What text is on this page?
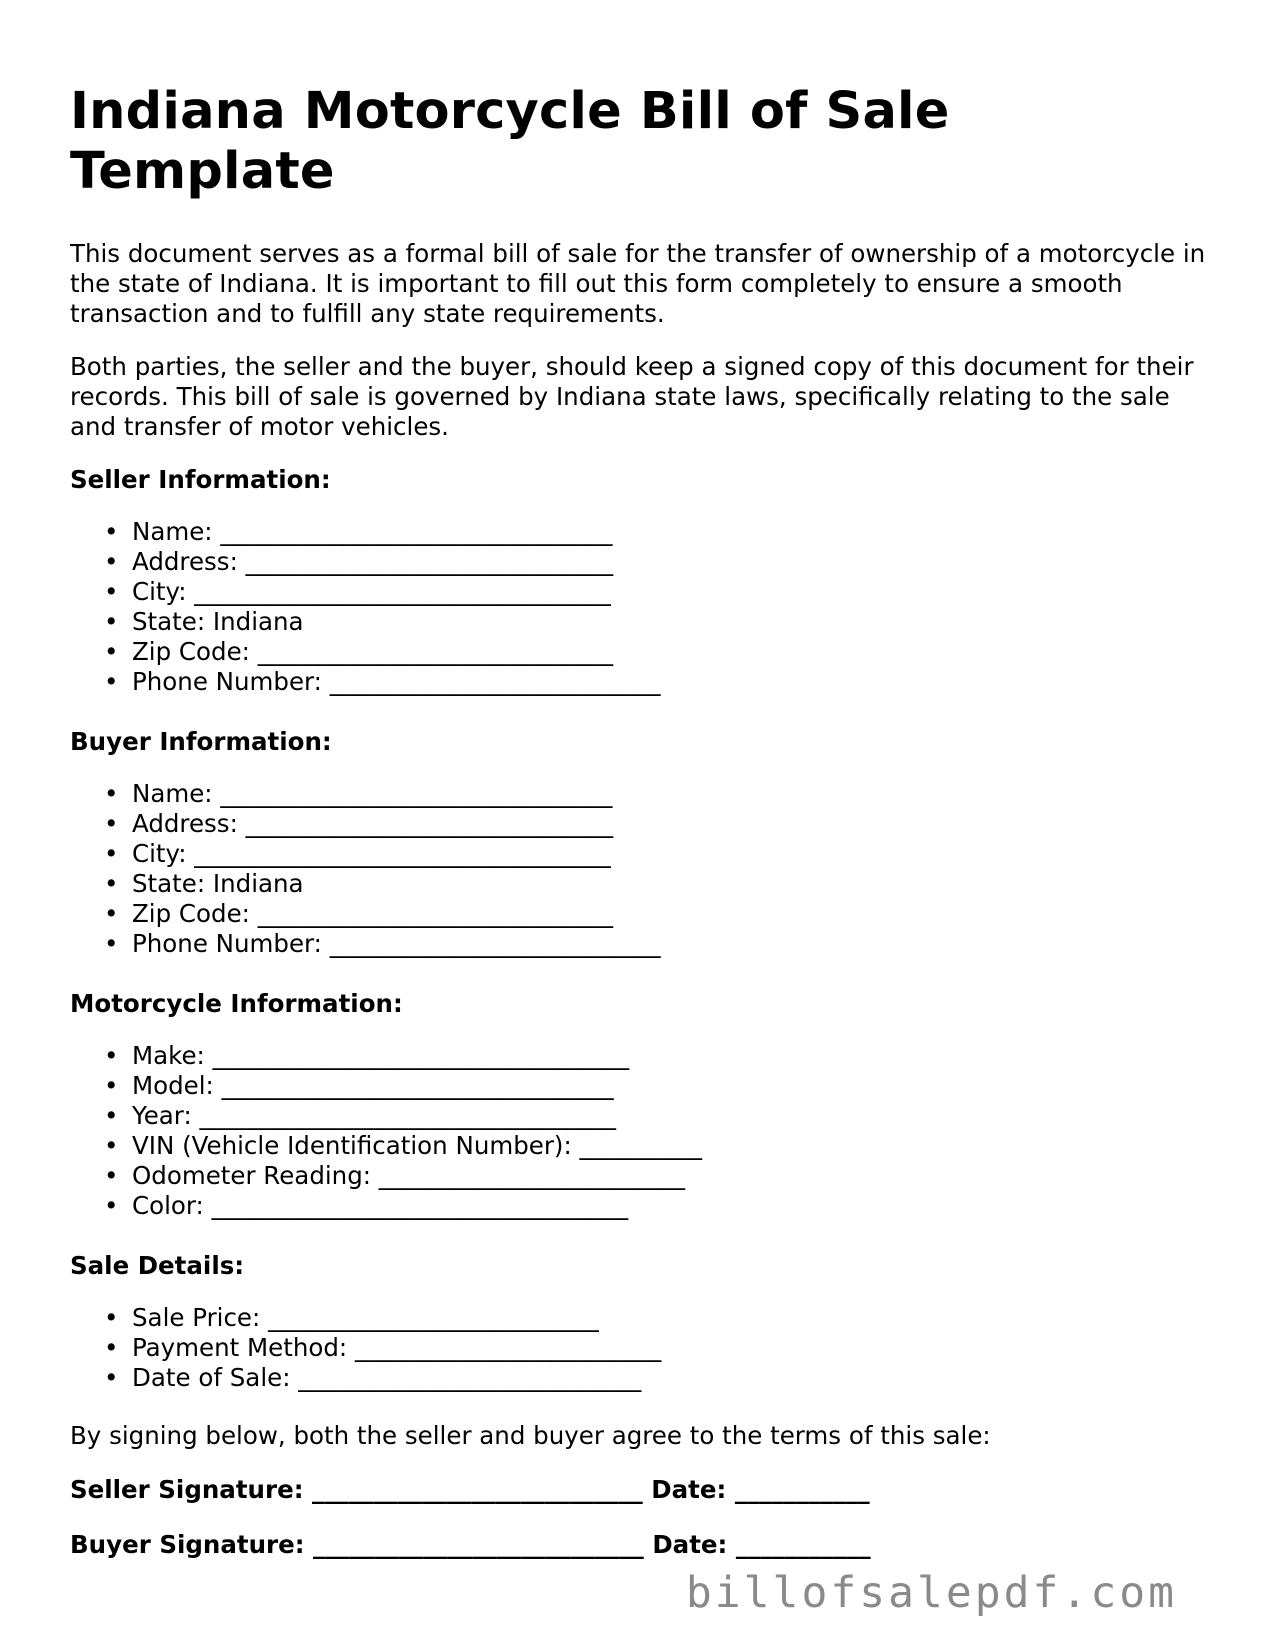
Indiana Motorcycle Bill of Sale Template

This document serves as a formal bill of sale for the transfer of ownership of a motorcycle in the state of Indiana. It is important to fill out this form completely to ensure a smooth transaction and to fulfill any state requirements.

Both parties, the seller and the buyer, should keep a signed copy of this document for their records. This bill of sale is governed by Indiana state laws, specifically relating to the sale and transfer of motor vehicles.

Seller Information:
• Name: ________________________________
• Address: ______________________________
• City: __________________________________
• State: Indiana
• Zip Code: _____________________________
• Phone Number: ___________________________
Buyer Information:
• Name: ________________________________
• Address: ______________________________
• City: __________________________________
• State: Indiana
• Zip Code: _____________________________
• Phone Number: ___________________________
Motorcycle Information:
• Make: __________________________________
• Model: ________________________________
• Year: __________________________________
• VIN (Vehicle Identification Number): __________
• Odometer Reading: _________________________
• Color: __________________________________
Sale Details:
• Sale Price: ___________________________
• Payment Method: _________________________
• Date of Sale: ____________________________

By signing below, both the seller and buyer agree to the terms of this sale:

Seller Signature: ___________________________ Date: ___________
Buyer Signature: ___________________________ Date: ___________
billofsalepdf.com
